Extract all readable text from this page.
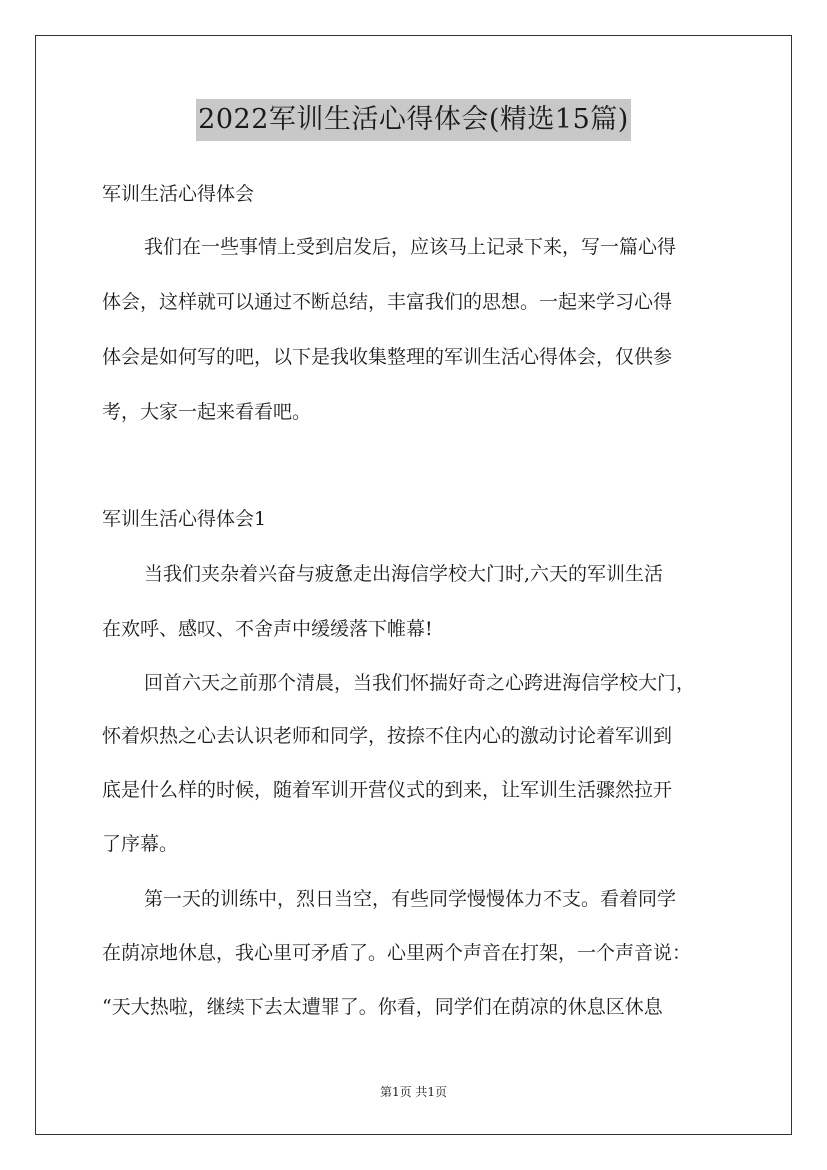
2022军训生活心得体会(精选15篇)
军训生活心得体会
我们在一些事情上受到启发后，应该马上记录下来，写一篇心得
体会，这样就可以通过不断总结，丰富我们的思想。一起来学习心得
体会是如何写的吧，以下是我收集整理的军训生活心得体会，仅供参
考，大家一起来看看吧。
军训生活心得体会1
当我们夹杂着兴奋与疲惫走出海信学校大门时,六天的军训生活
在欢呼、感叹、不舍声中缓缓落下帷幕!
回首六天之前那个清晨，当我们怀揣好奇之心跨进海信学校大门，
怀着炽热之心去认识老师和同学，按捺不住内心的激动讨论着军训到
底是什么样的时候，随着军训开营仪式的到来，让军训生活骤然拉开
了序幕。
第一天的训练中，烈日当空，有些同学慢慢体力不支。看着同学
在荫凉地休息，我心里可矛盾了。心里两个声音在打架，一个声音说：
“天大热啦，继续下去太遭罪了。你看，同学们在荫凉的休息区休息
第1页 共1页
